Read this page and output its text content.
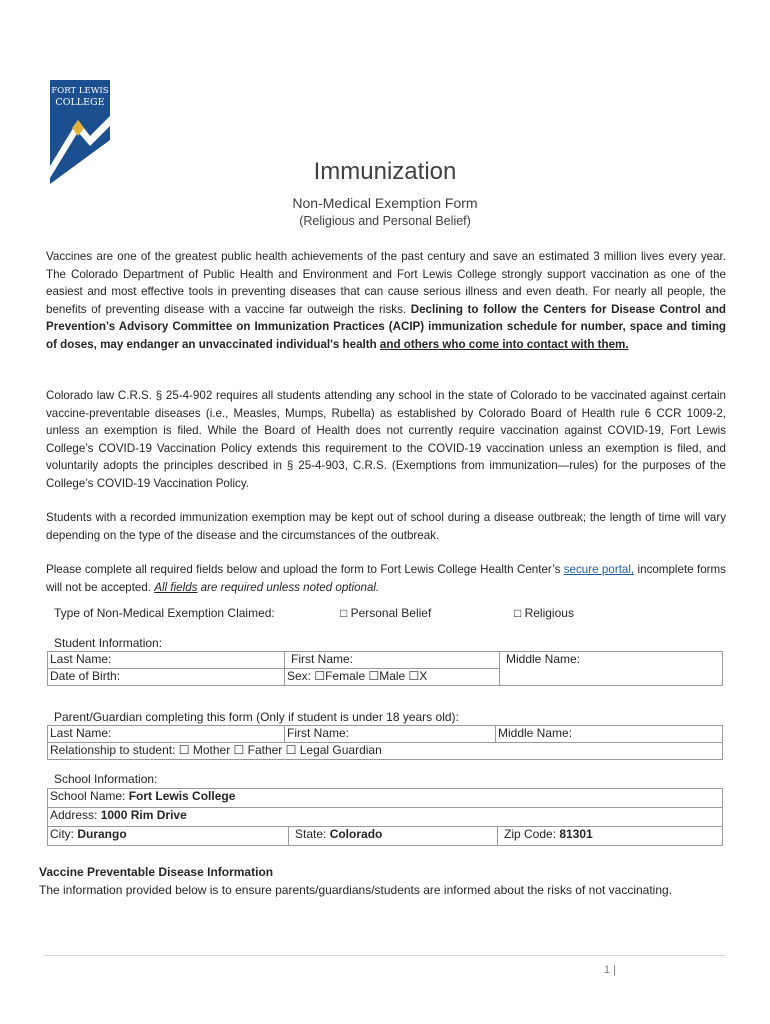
FORT LEWIS
COLLEGE
Immunization
Non-Medical Exemption Form
(Religious and Personal Belief)
Vaccines are one of the greatest public health achievements of the past century and save an estimated 3 million lives every year. The Colorado Department of Public Health and Environment and Fort Lewis College strongly support vaccination as one of the easiest and most effective tools in preventing diseases that can cause serious illness and even death. For nearly all people, the benefits of preventing disease with a vaccine far outweigh the risks. Declining to follow the Centers for Disease Control and Prevention’s Advisory Committee on Immunization Practices (ACIP) immunization schedule for number, space and timing of doses, may endanger an unvaccinated individual's health and others who come into contact with them.
Colorado law C.R.S. § 25-4-902 requires all students attending any school in the state of Colorado to be vaccinated against certain vaccine-preventable diseases (i.e., Measles, Mumps, Rubella) as established by Colorado Board of Health rule 6 CCR 1009-2, unless an exemption is filed. While the Board of Health does not currently require vaccination against COVID-19, Fort Lewis College’s COVID-19 Vaccination Policy extends this requirement to the COVID-19 vaccination unless an exemption is filed, and voluntarily adopts the principles described in § 25-4-903, C.R.S. (Exemptions from immunization—rules) for the purposes of the College’s COVID-19 Vaccination Policy.
Students with a recorded immunization exemption may be kept out of school during a disease outbreak; the length of time will vary depending on the type of the disease and the circumstances of the outbreak.
Please complete all required fields below and upload the form to Fort Lewis College Health Center’s secure portal, incomplete forms will not be accepted. All fields are required unless noted optional.
Type of Non-Medical Exemption Claimed:	□ Personal Belief	□ Religious
Student Information:
Last Name:	First Name:	Middle Name:
Date of Birth:	Sex: ☐Female ☐Male ☐X	
Parent/Guardian completing this form (Only if student is under 18 years old):
Last Name:	First Name:	Middle Name:
Relationship to student: ☐ Mother ☐ Father ☐ Legal Guardian
School Information:
School Name: Fort Lewis College
Address: 1000 Rim Drive
City: Durango	State: Colorado	Zip Code: 81301
Vaccine Preventable Disease Information
The information provided below is to ensure parents/guardians/students are informed about the risks of not vaccinating.
1 |
